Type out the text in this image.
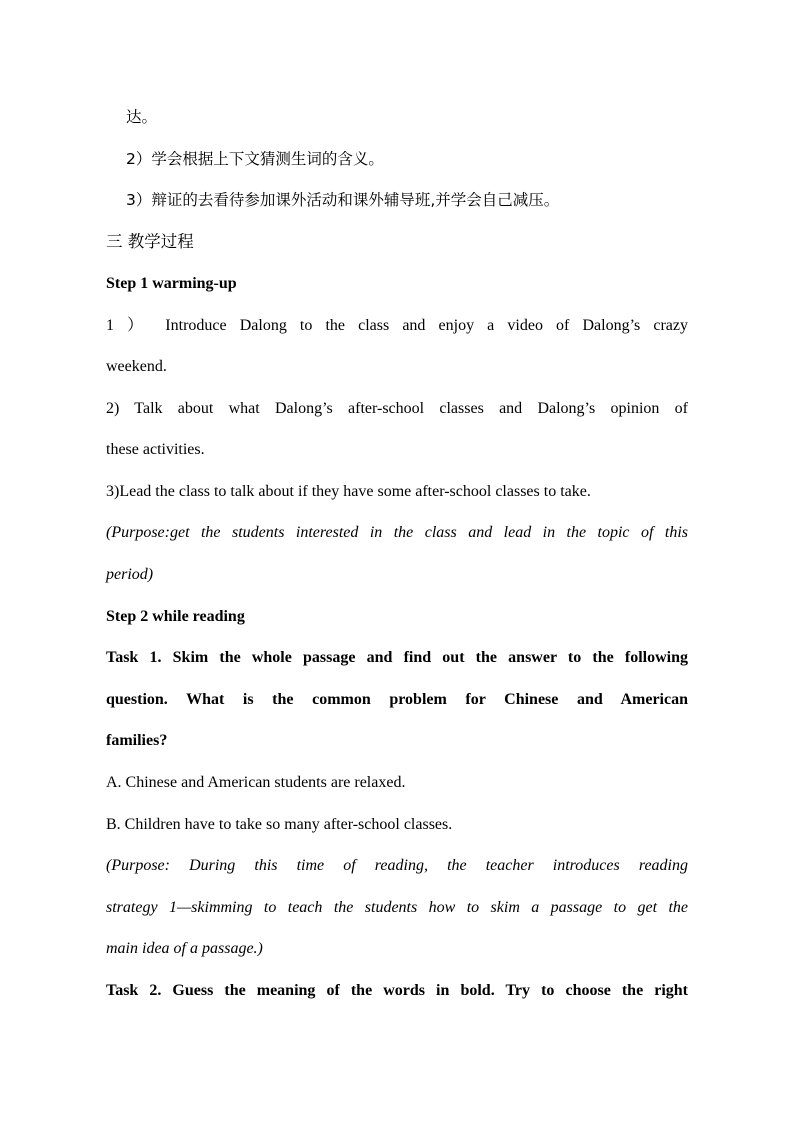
达。
2）学会根据上下文猜测生词的含义。
3）辩证的去看待参加课外活动和课外辅导班,并学会自己减压。
三 教学过程
Step 1 warming-up
1 ） Introduce Dalong to the class and enjoy a video of Dalong’s crazy
weekend.
2) Talk about what Dalong’s after-school classes and Dalong’s opinion of
these activities.
3)Lead the class to talk about if they have some after-school classes to take.
(Purpose:get the students interested in the class and lead in the topic of this
period)
Step 2 while reading
Task 1. Skim the whole passage and find out the answer to the following
question. What is the common problem for Chinese and American
families?
A. Chinese and American students are relaxed.
B. Children have to take so many after-school classes.
(Purpose: During this time of reading, the teacher introduces reading
strategy 1—skimming to teach the students how to skim a passage to get the
main idea of a passage.)
Task 2. Guess the meaning of the words in bold. Try to choose the right
